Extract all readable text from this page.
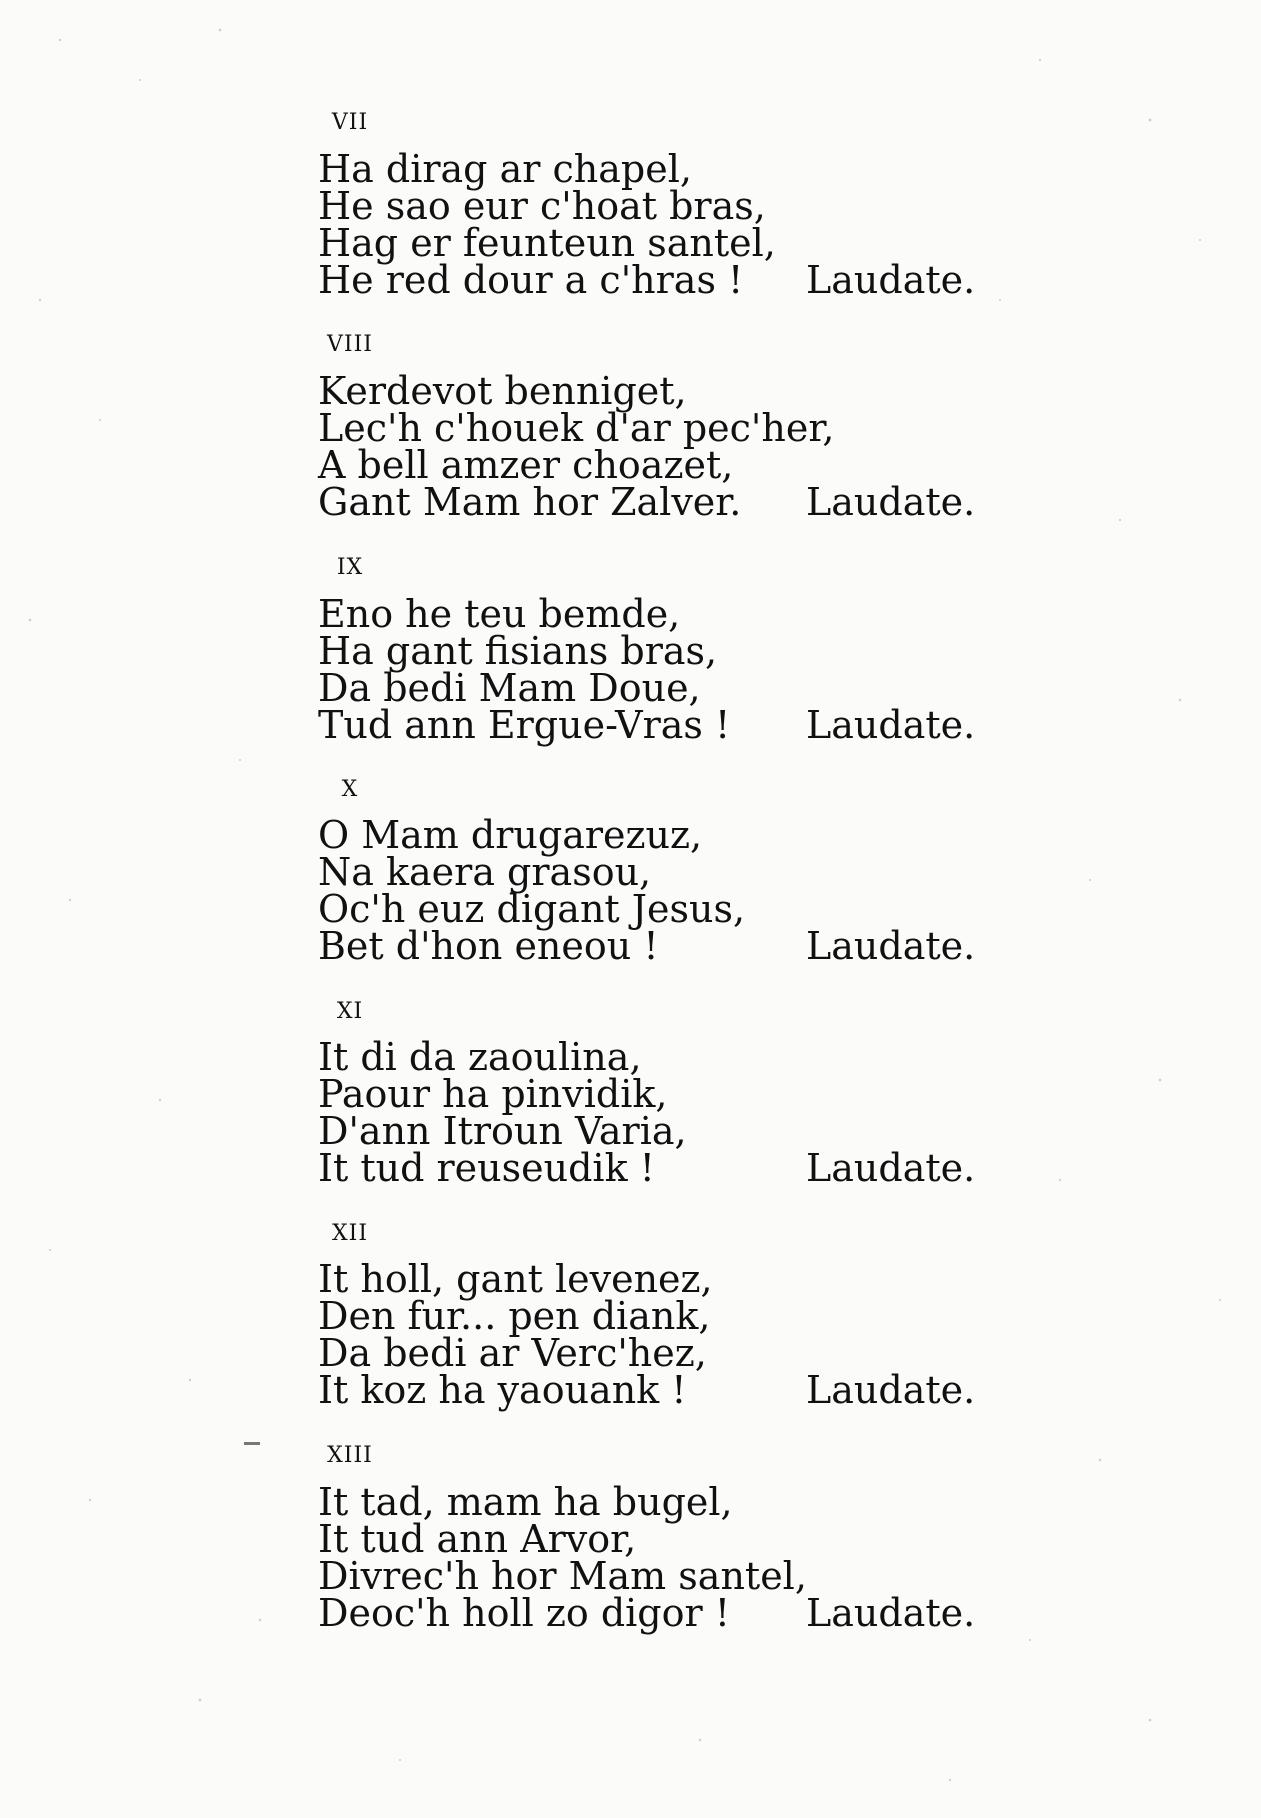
VII
Ha dirag ar chapel,
He sao eur c'hoat bras,
Hag er feunteun santel,
He red dour a c'hras ! Laudate.
VIII
Kerdevot benniget,
Lec'h c'houek d'ar pec'her,
A bell amzer choazet,
Gant Mam hor Zalver. Laudate.
IX
Eno he teu bemde,
Ha gant fisians bras,
Da bedi Mam Doue,
Tud ann Ergue-Vras ! Laudate.
X
O Mam drugarezuz,
Na kaera grasou,
Oc'h euz digant Jesus,
Bet d'hon eneou !	Laudate.
XI
It di da zaoulina,
Paour ha pinvidik,
D'ann Itroun Varia,
It tud reuseudik !	Laudate.
XII
It holl, gant levenez,
Den fur... pen diank,
Da bedi ar Verc'hez,
It koz ha yaouank !	Laudate.
XIII
It tad, mam ha bugel,
It tud ann Arvor,
Divrec'h hor Mam santel,
Deoc'h holl zo digor ! Laudate.
